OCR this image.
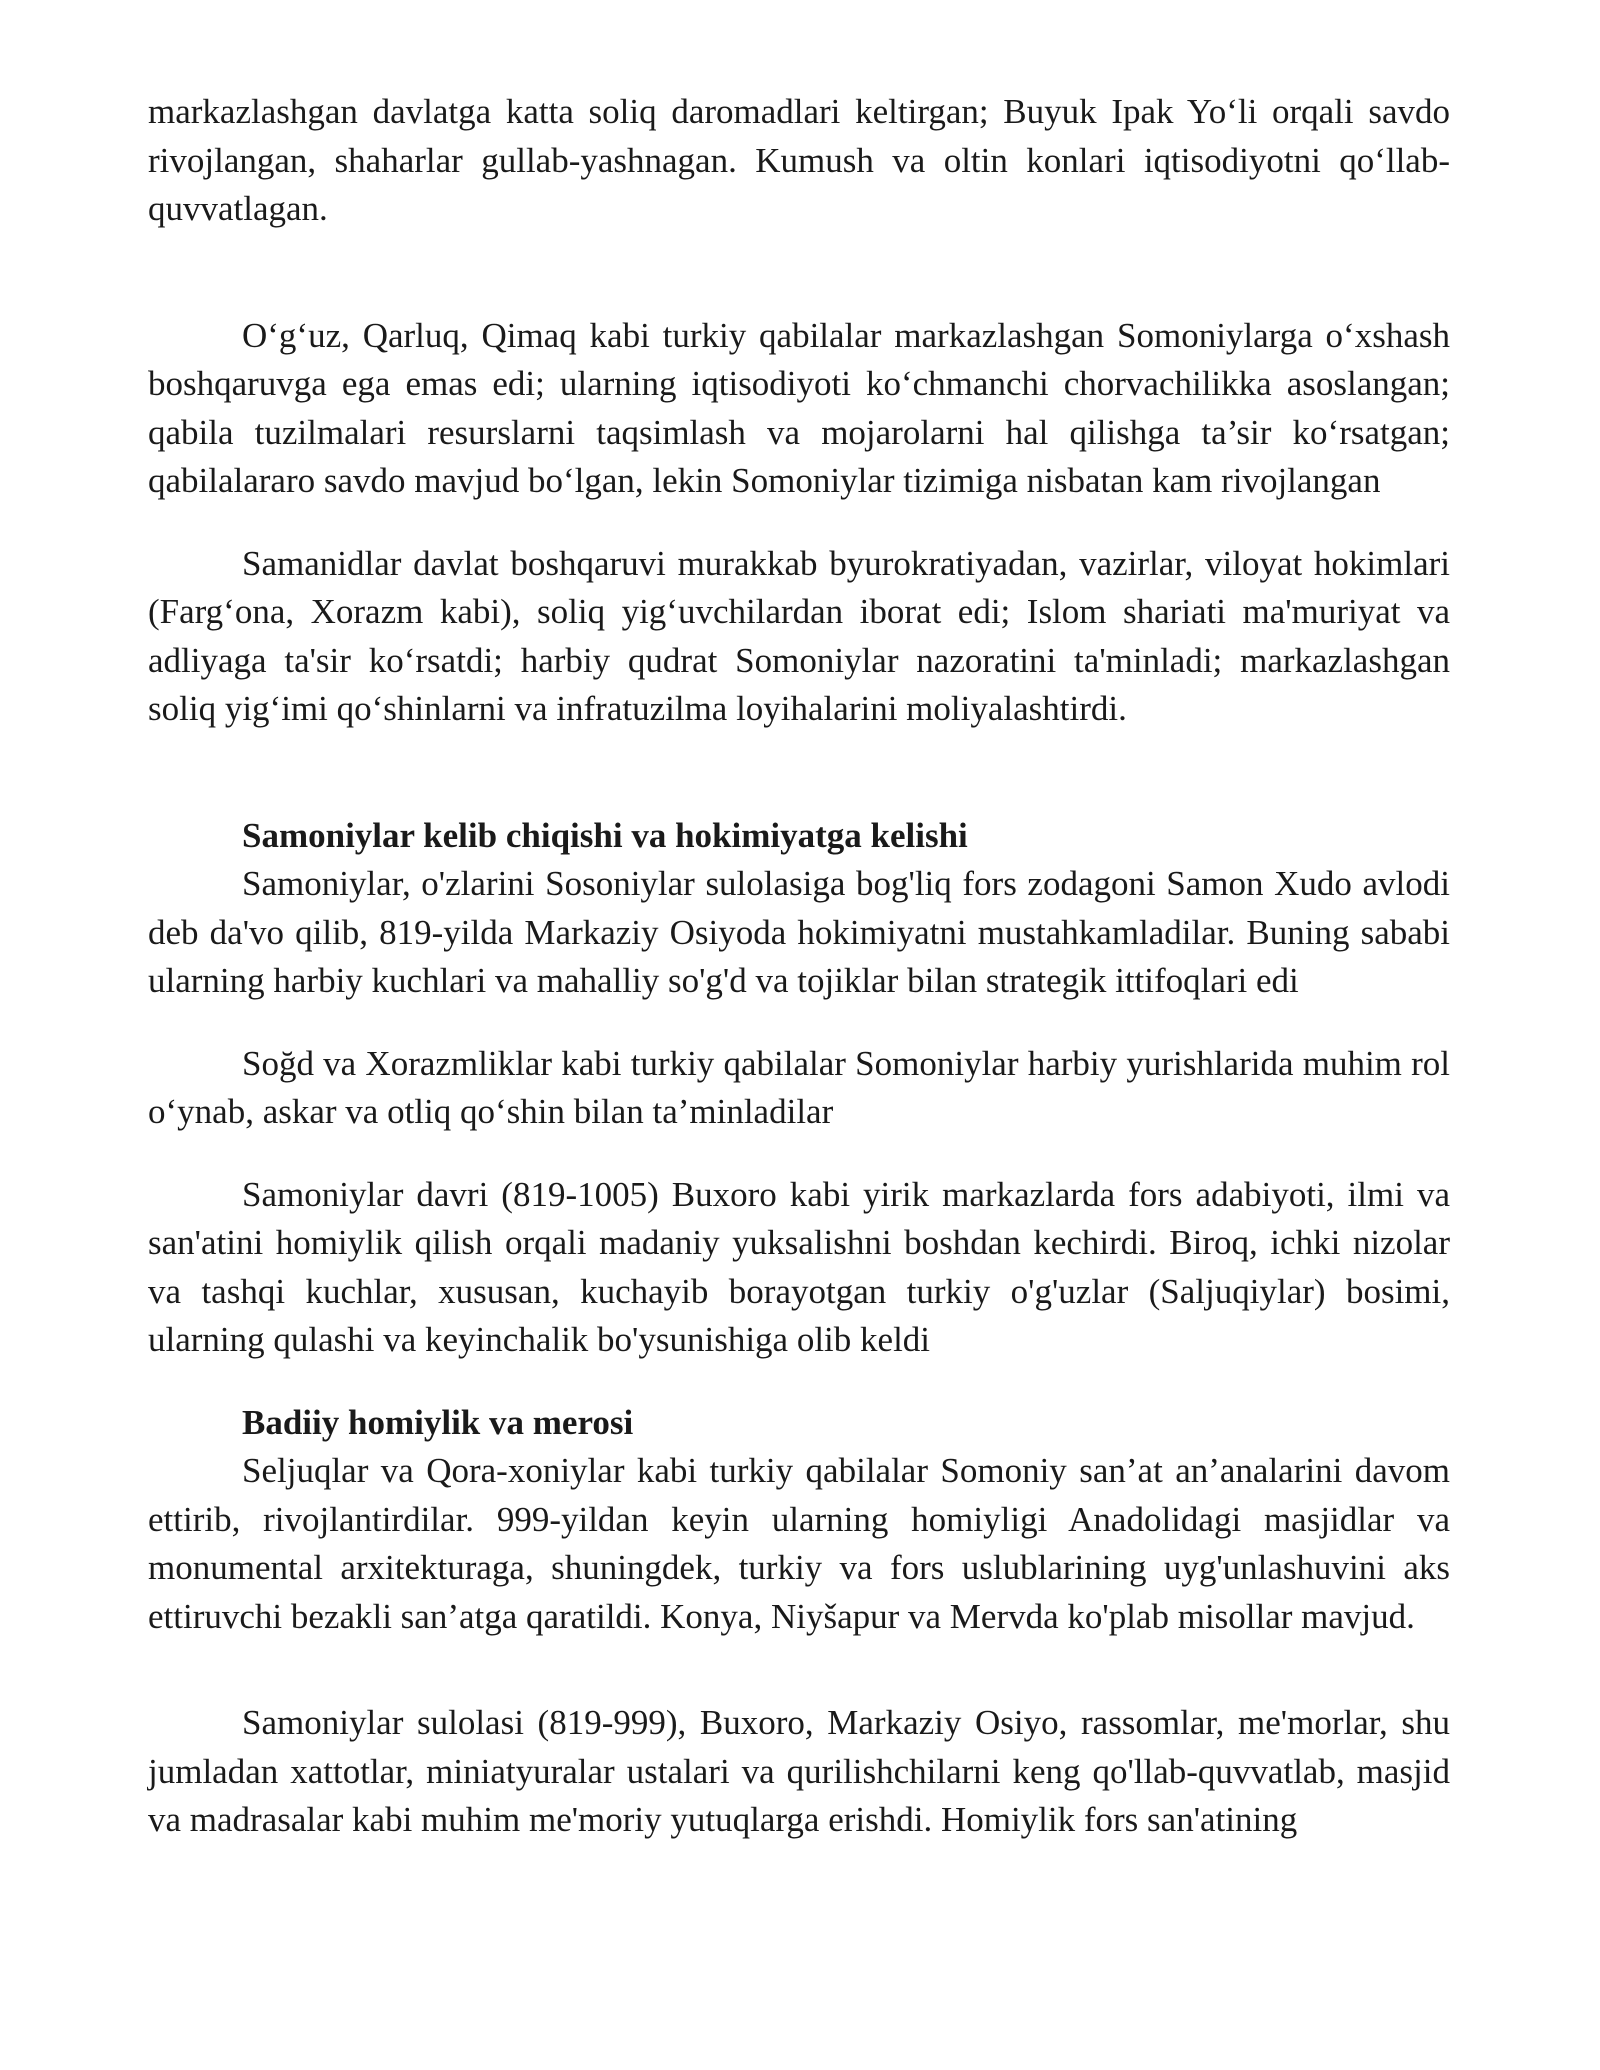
markazlashgan davlatga katta soliq daromadlari keltirgan; Buyuk Ipak Yo‘li orqali savdo rivojlangan, shaharlar gullab-yashnagan. Kumush va oltin konlari iqtisodiyotni qo‘llab-quvvatlagan.

O‘g‘uz, Qarluq, Qimaq kabi turkiy qabilalar markazlashgan Somoniylarga o‘xshash boshqaruvga ega emas edi; ularning iqtisodiyoti ko‘chmanchi chorvachilikka asoslangan; qabila tuzilmalari resurslarni taqsimlash va mojarolarni hal qilishga ta’sir ko‘rsatgan; qabilalararo savdo mavjud bo‘lgan, lekin Somoniylar tizimiga nisbatan kam rivojlangan

Samanidlar davlat boshqaruvi murakkab byurokratiyadan, vazirlar, viloyat hokimlari (Farg‘ona, Xorazm kabi), soliq yig‘uvchilardan iborat edi; Islom shariati ma'muriyat va adliyaga ta'sir ko‘rsatdi; harbiy qudrat Somoniylar nazoratini ta'minladi; markazlashgan soliq yig‘imi qo‘shinlarni va infratuzilma loyihalarini moliyalashtirdi.

Samoniylar kelib chiqishi va hokimiyatga kelishi

Samoniylar, o'zlarini Sosoniylar sulolasiga bog'liq fors zodagoni Samon Xudo avlodi deb da'vo qilib, 819-yilda Markaziy Osiyoda hokimiyatni mustahkamladilar. Buning sababi ularning harbiy kuchlari va mahalliy so'g'd va tojiklar bilan strategik ittifoqlari edi

Soğd va Xorazmliklar kabi turkiy qabilalar Somoniylar harbiy yurishlarida muhim rol o‘ynab, askar va otliq qo‘shin bilan ta’minladilar

Samoniylar davri (819-1005) Buxoro kabi yirik markazlarda fors adabiyoti, ilmi va san'atini homiylik qilish orqali madaniy yuksalishni boshdan kechirdi. Biroq, ichki nizolar va tashqi kuchlar, xususan, kuchayib borayotgan turkiy o'g'uzlar (Saljuqiylar) bosimi, ularning qulashi va keyinchalik bo'ysunishiga olib keldi

Badiiy homiylik va merosi

Seljuqlar va Qora-xoniylar kabi turkiy qabilalar Somoniy san’at an’analarini davom ettirib, rivojlantirdilar. 999-yildan keyin ularning homiyligi Anadolidagi masjidlar va monumental arxitekturaga, shuningdek, turkiy va fors uslublarining uyg'unlashuvini aks ettiruvchi bezakli san’atga qaratildi. Konya, Niyšapur va Mervda ko'plab misollar mavjud.

Samoniylar sulolasi (819-999), Buxoro, Markaziy Osiyo, rassomlar, me'morlar, shu jumladan xattotlar, miniatyuralar ustalari va qurilishchilarni keng qo'llab-quvvatlab, masjid va madrasalar kabi muhim me'moriy yutuqlarga erishdi. Homiylik fors san'atining
